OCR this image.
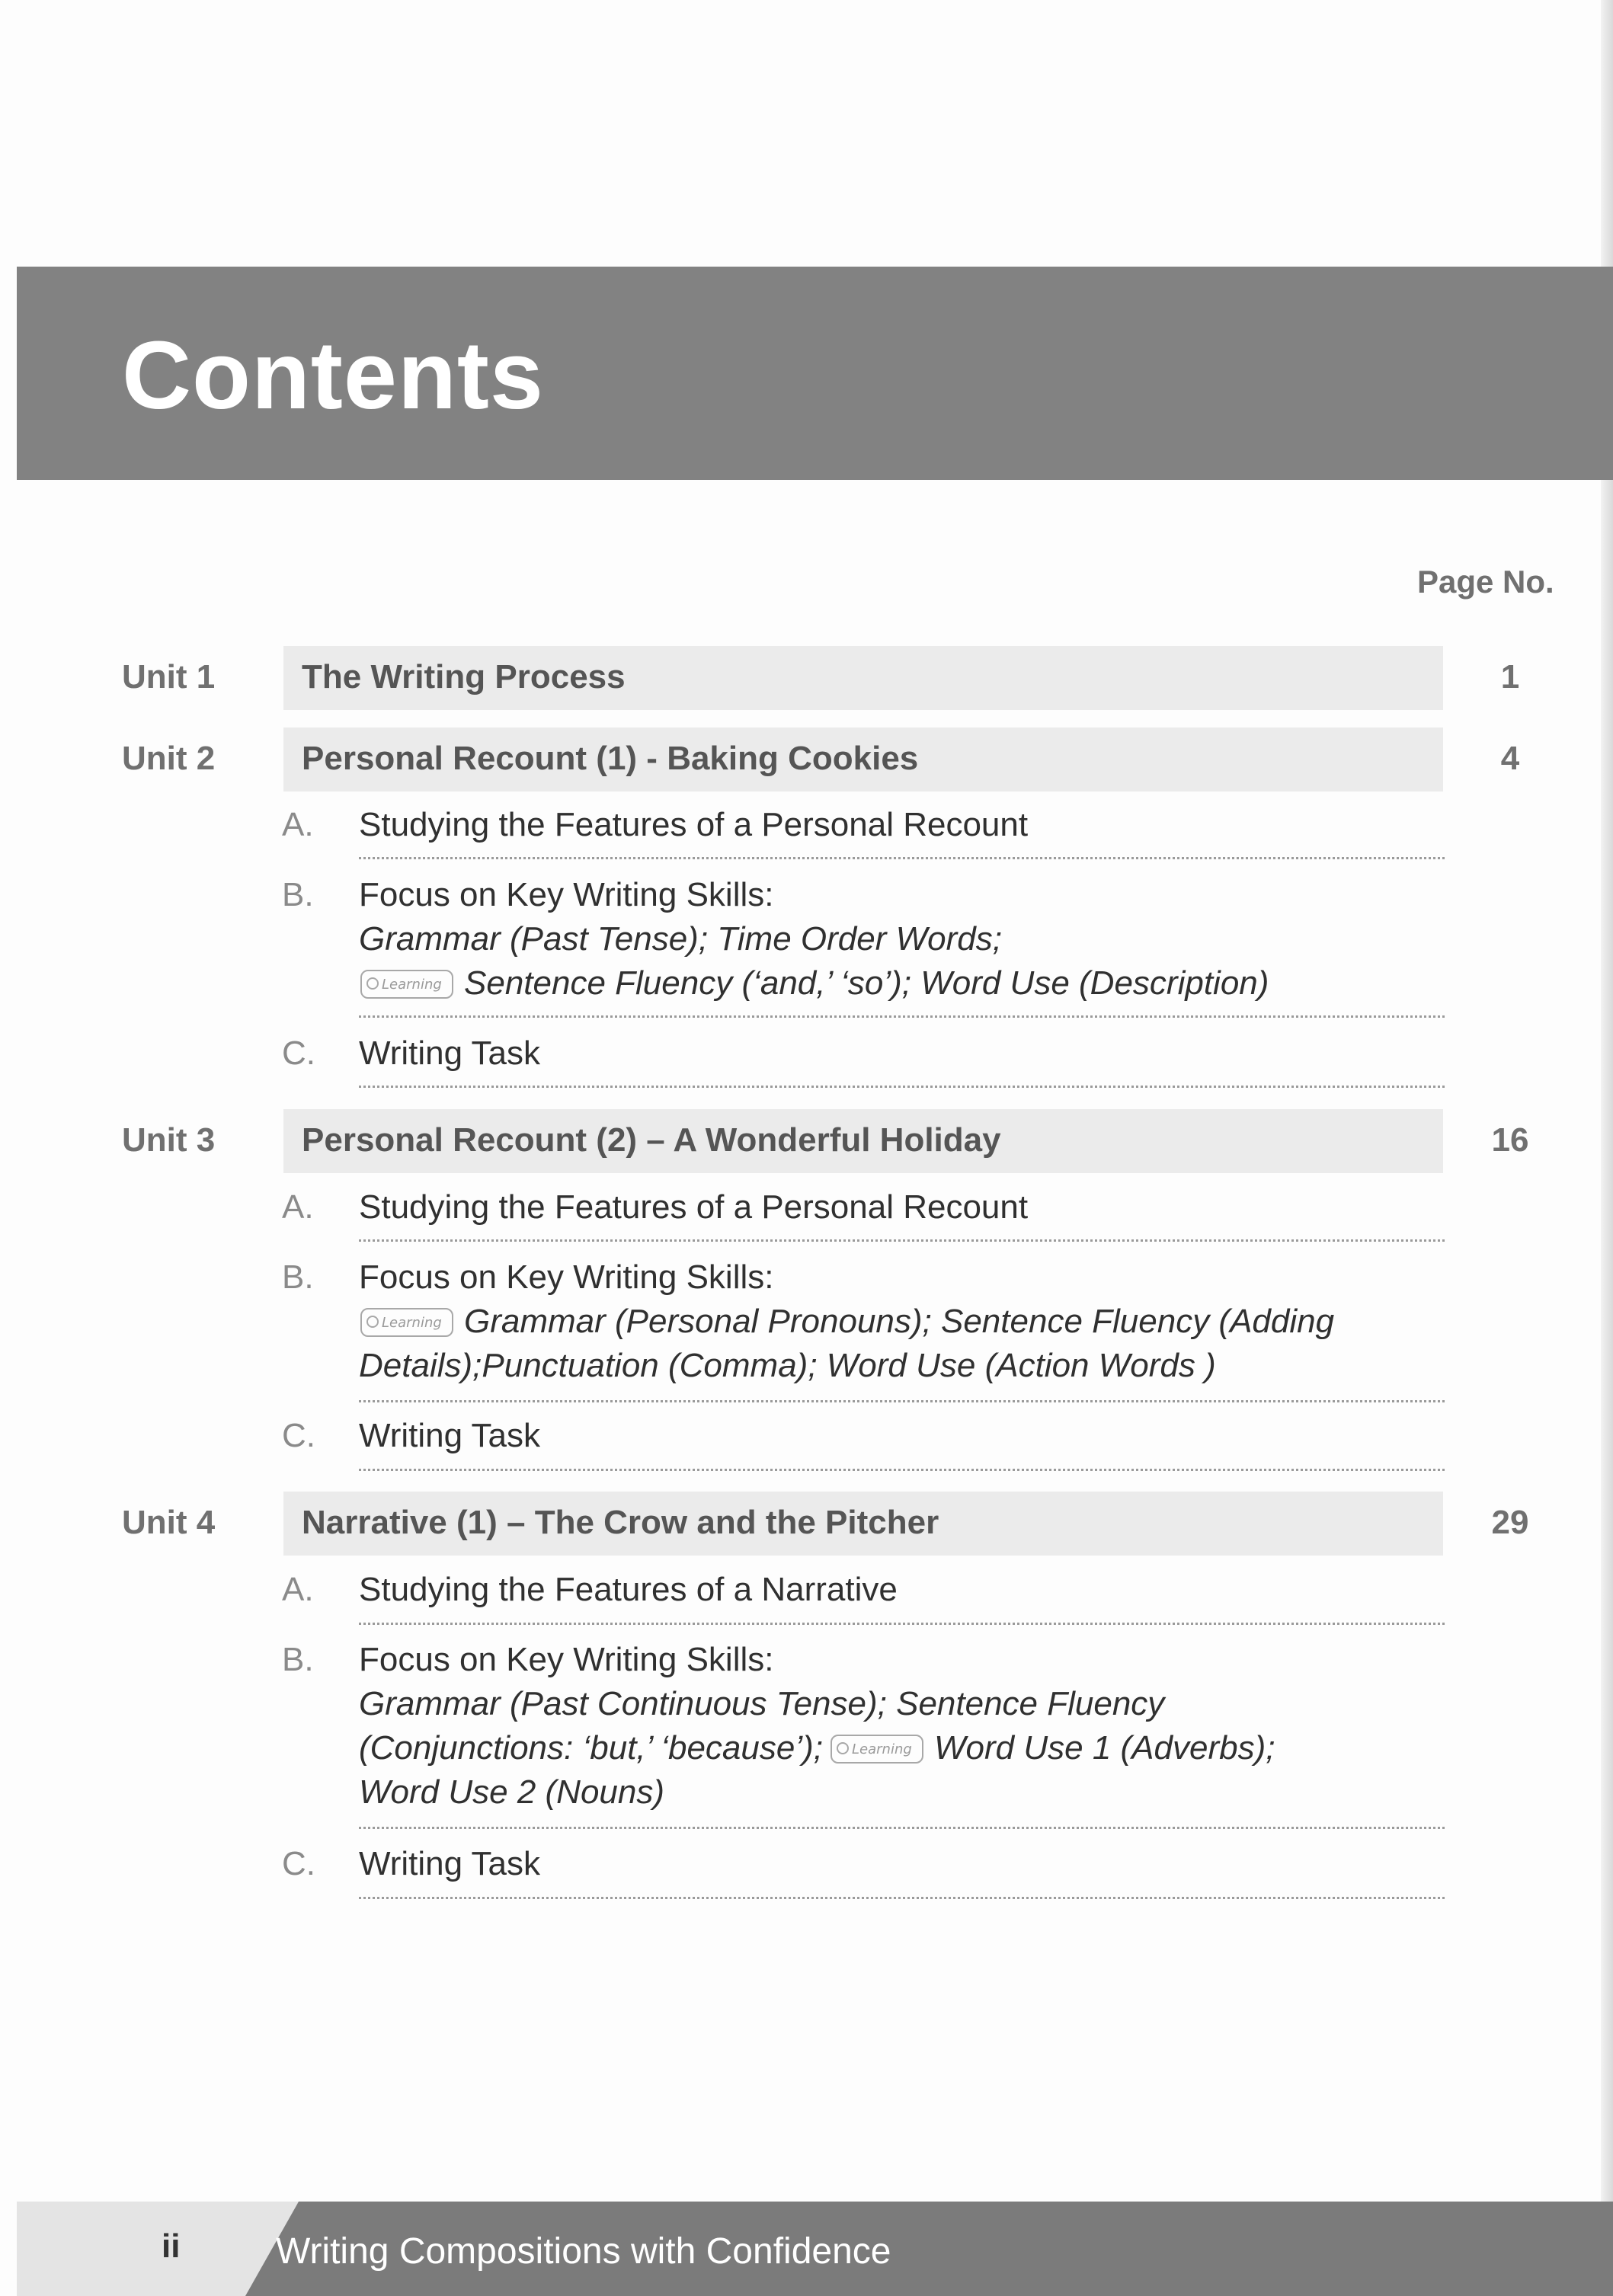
Contents
Page No.
Unit 1	The Writing Process	1
Unit 2	Personal Recount (1) - Baking Cookies	4
A. Studying the Features of a Personal Recount
B. Focus on Key Writing Skills:
Grammar (Past Tense); Time Order Words;
Learning Sentence Fluency (‘and,’ ‘so’); Word Use (Description)
C. Writing Task
Unit 3	Personal Recount (2) – A Wonderful Holiday	16
A. Studying the Features of a Personal Recount
B. Focus on Key Writing Skills:
Learning Grammar (Personal Pronouns); Sentence Fluency (Adding
Details);Punctuation (Comma); Word Use (Action Words )
C. Writing Task
Unit 4	Narrative (1) – The Crow and the Pitcher	29
A. Studying the Features of a Narrative
B. Focus on Key Writing Skills:
Grammar (Past Continuous Tense); Sentence Fluency
(Conjunctions: ‘but,’ ‘because’); Learning Word Use 1 (Adverbs);
Word Use 2 (Nouns)
C. Writing Task
ii	Writing Compositions with Confidence
